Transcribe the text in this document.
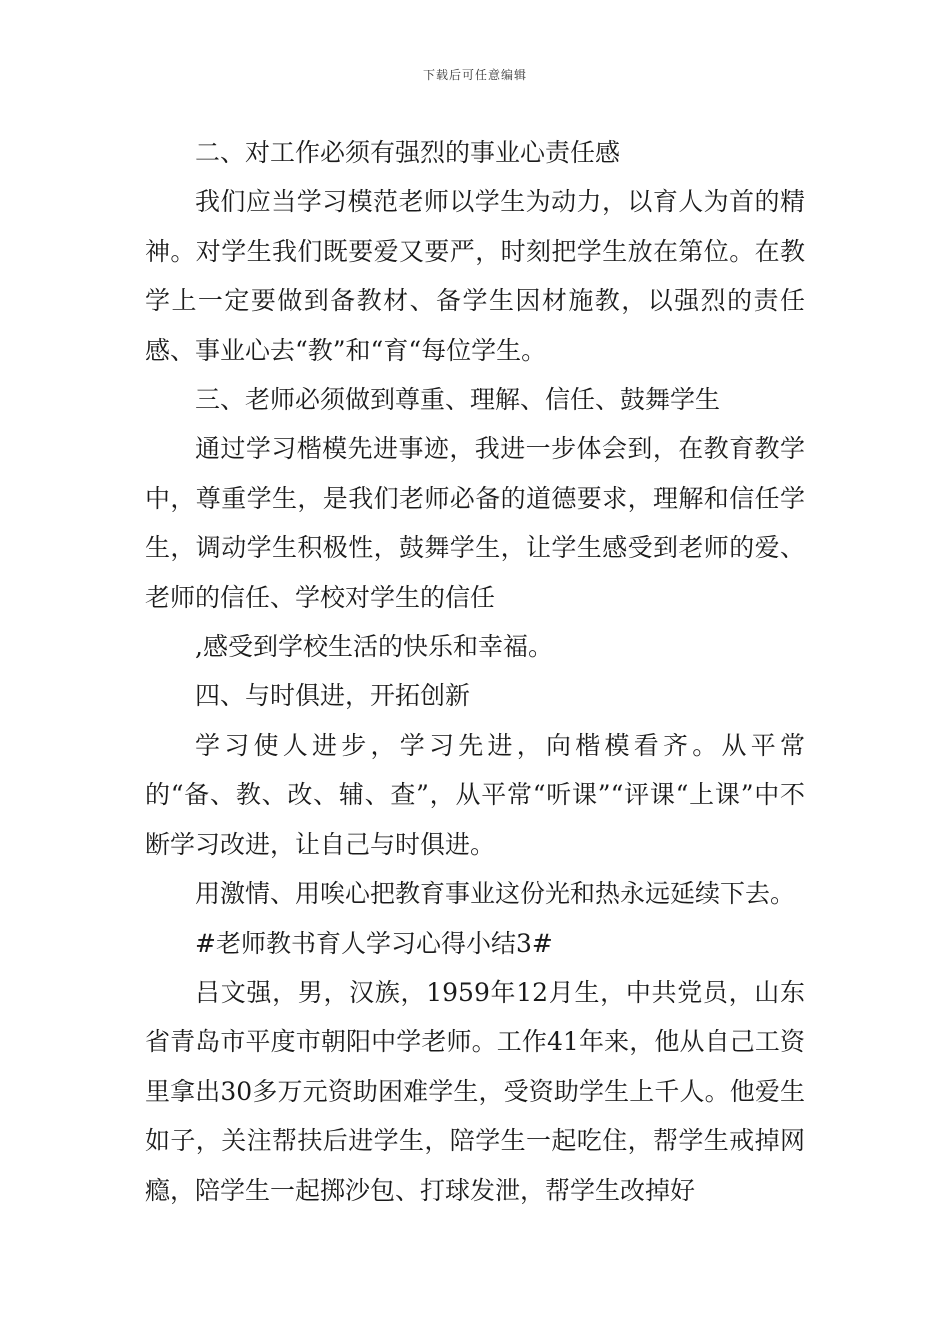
下载后可任意编辑

二、对工作必须有强烈的事业心责任感

我们应当学习模范老师以学生为动力，以育人为首的精神。对学生我们既要爱又要严，时刻把学生放在第位。在教学上一定要做到备教材、备学生因材施教，以强烈的责任感、事业心去“教”和“育“每位学生。

三、老师必须做到尊重、理解、信任、鼓舞学生

通过学习楷模先进事迹，我进一步体会到，在教育教学中，尊重学生，是我们老师必备的道德要求，理解和信任学生，调动学生积极性，鼓舞学生，让学生感受到老师的爱、老师的信任、学校对学生的信任

,感受到学校生活的快乐和幸福。

四、与时俱进，开拓创新

学习使人进步，学习先进，向楷模看齐。从平常的“备、教、改、辅、查”，从平常“听课”“评课“上课”中不断学习改进，让自己与时俱进。

用激情、用唉心把教育事业这份光和热永远延续下去。

#老师教书育人学习心得小结3#

吕文强，男，汉族，1959年12月生，中共党员，山东省青岛市平度市朝阳中学老师。工作41年来，他从自己工资里拿出30多万元资助困难学生，受资助学生上千人。他爱生如子，关注帮扶后进学生，陪学生一起吃住，帮学生戒掉网瘾，陪学生一起掷沙包、打球发泄，帮学生改掉好
